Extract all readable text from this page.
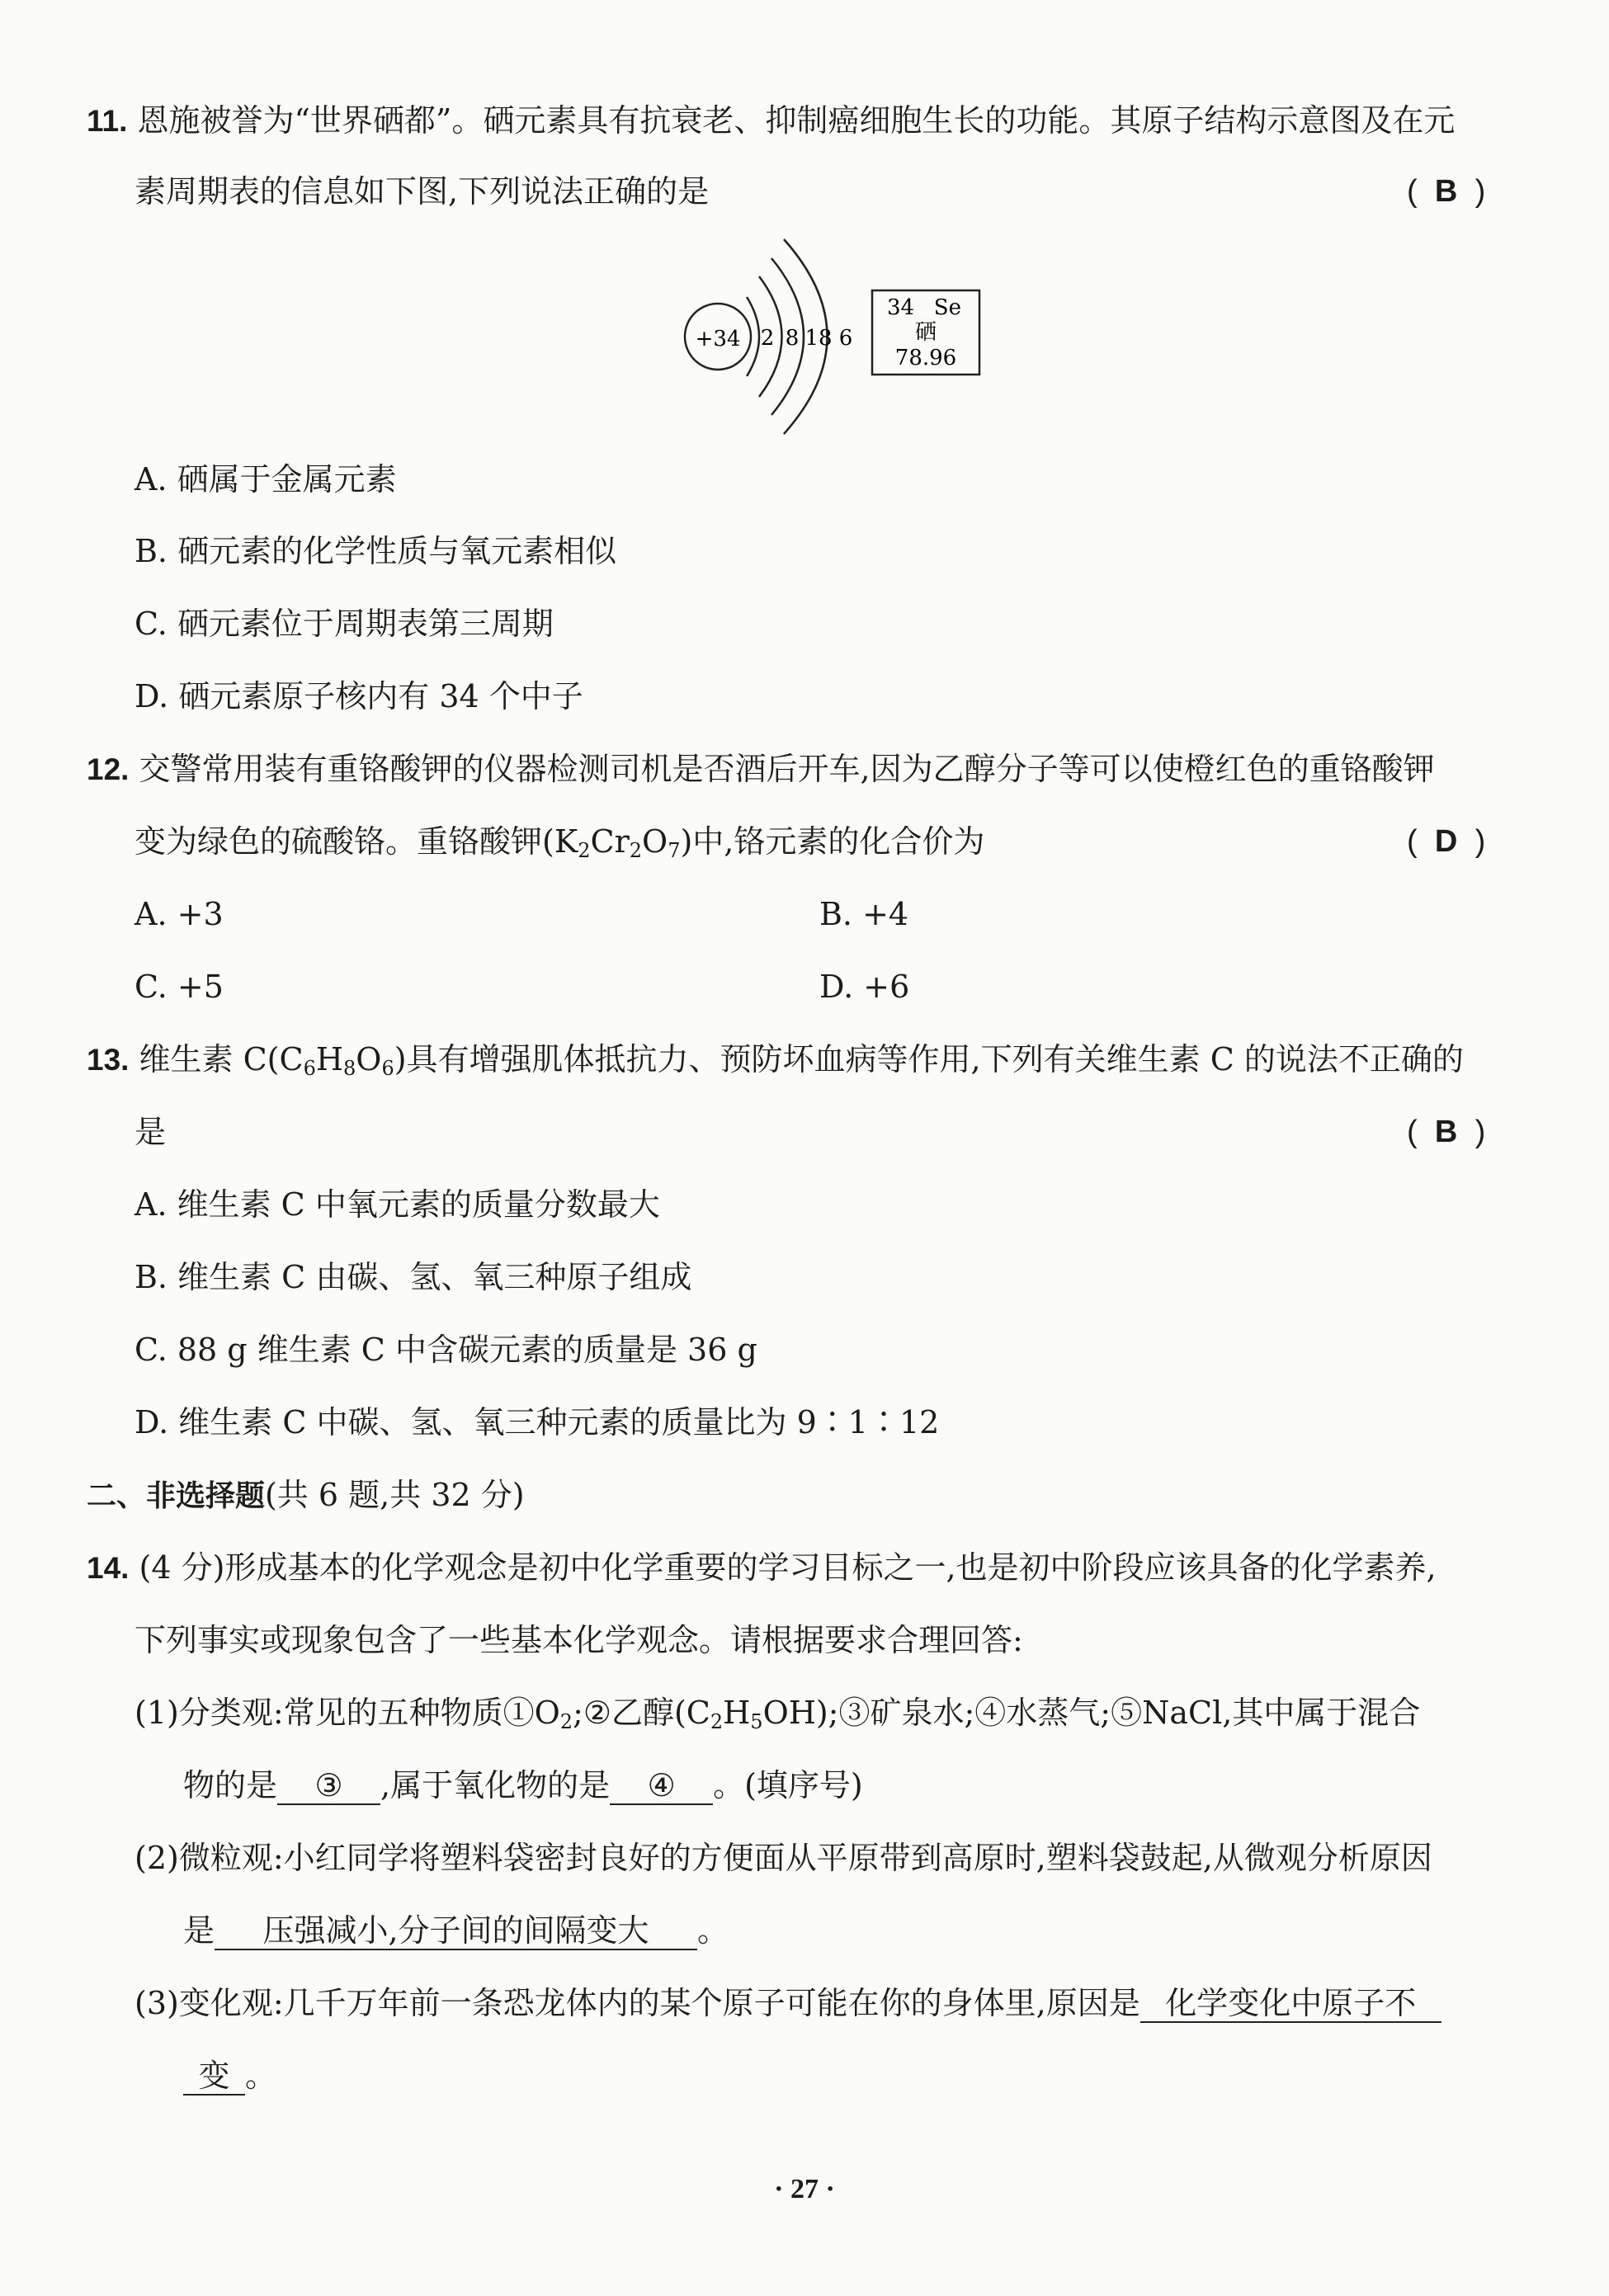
11. 恩施被誉为“世界硒都”。硒元素具有抗衰老、抑制癌细胞生长的功能。其原子结构示意图及在元
素周期表的信息如下图,下列说法正确的是	( B )
+34 2 8 18 6
34 Se
硒
78.96
A. 硒属于金属元素
B. 硒元素的化学性质与氧元素相似
C. 硒元素位于周期表第三周期
D. 硒元素原子核内有 34 个中子
12. 交警常用装有重铬酸钾的仪器检测司机是否酒后开车,因为乙醇分子等可以使橙红色的重铬酸钾
变为绿色的硫酸铬。重铬酸钾$(K_2Cr_2O_7)$中,铬元素的化合价为	( D )
A. +3	B. +4
C. +5	D. +6
13. 维生素 $C(C_6H_8O_6)$具有增强肌体抵抗力、预防坏血病等作用,下列有关维生素 C 的说法不正确的
是	( B )
A. 维生素 C 中氧元素的质量分数最大
B. 维生素 C 由碳、氢、氧三种原子组成
C. 88 g 维生素 C 中含碳元素的质量是 36 g
D. 维生素 C 中碳、氢、氧三种元素的质量比为 9∶1∶12
二、非选择题(共 6 题,共 32 分)
14. (4 分)形成基本的化学观念是初中化学重要的学习目标之一,也是初中阶段应该具备的化学素养,
下列事实或现象包含了一些基本化学观念。请根据要求合理回答:
(1)分类观:常见的五种物质$①O_2;②$乙醇$(C_2H_5OH);③$矿泉水;④水蒸气;⑤NaCl,其中属于混合
物的是 ③ ,属于氧化物的是 ④ 。(填序号)
(2)微粒观:小红同学将塑料袋密封良好的方便面从平原带到高原时,塑料袋鼓起,从微观分析原因
是 压强减小,分子间的间隔变大 。
(3)变化观:几千万年前一条恐龙体内的某个原子可能在你的身体里,原因是 化学变化中原子不
变 。
· 27 ·
